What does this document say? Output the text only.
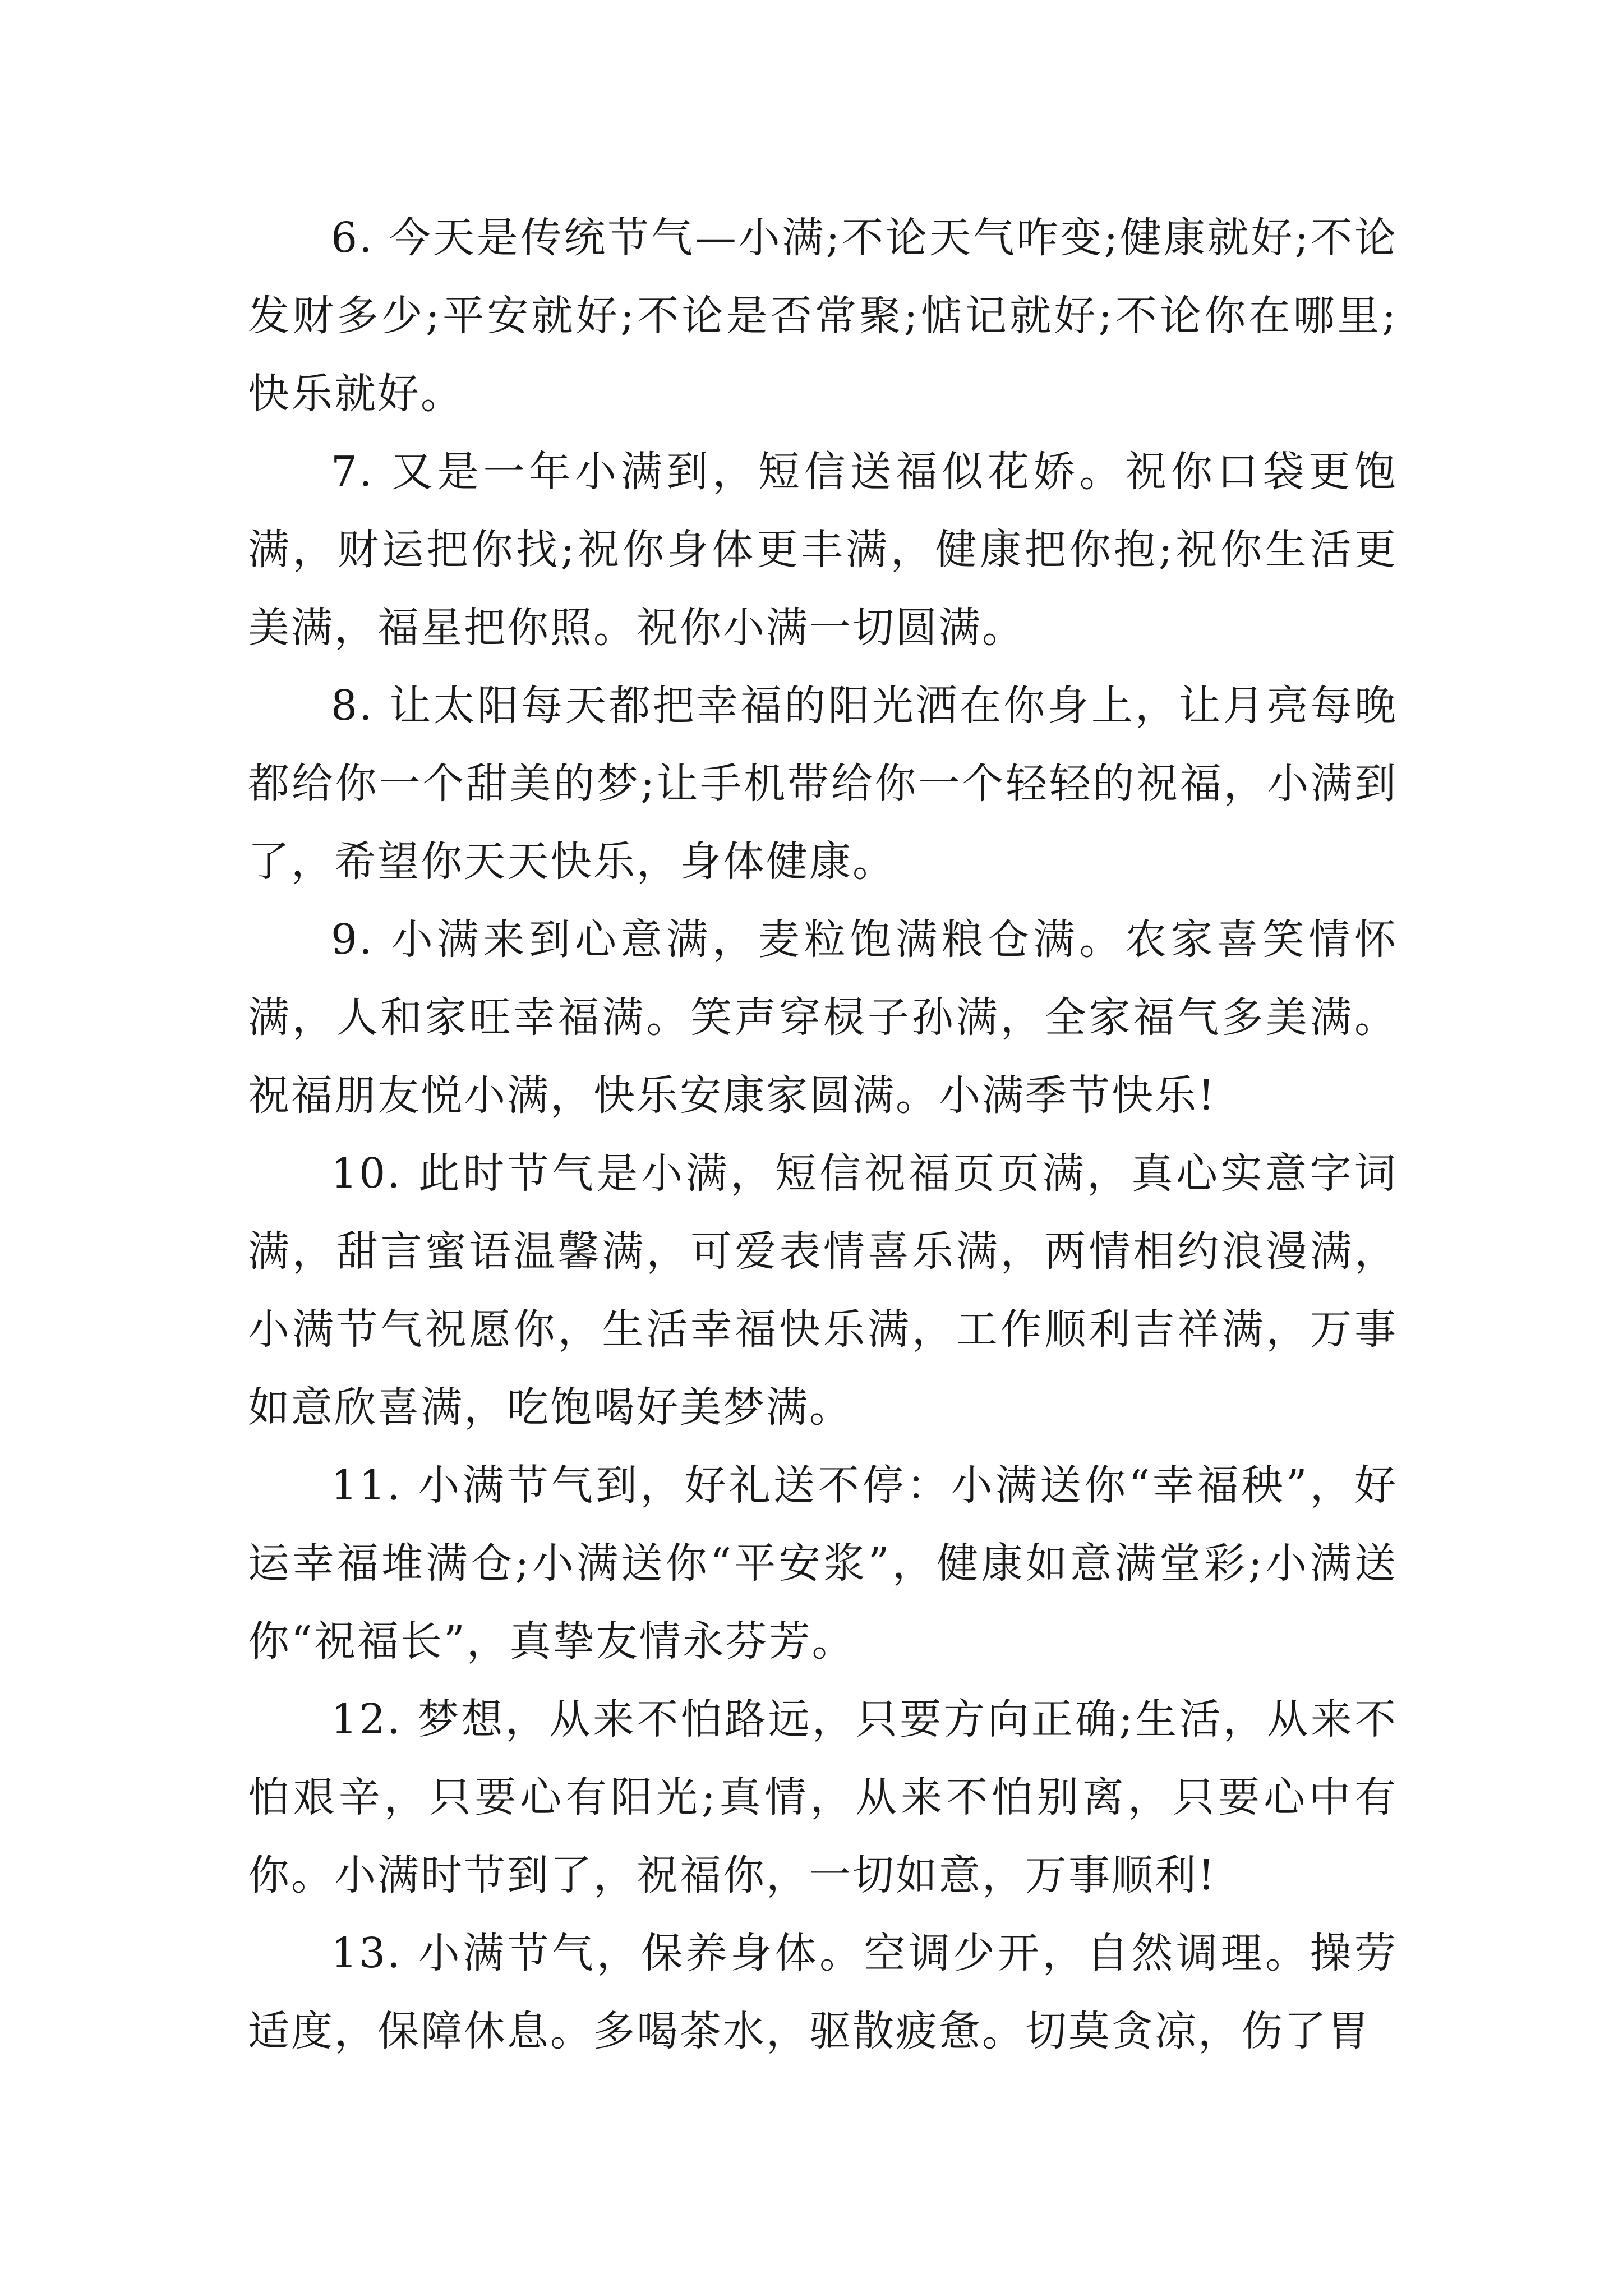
6. 今天是传统节气—小满;不论天气咋变;健康就好;不论发财多少;平安就好;不论是否常聚;惦记就好;不论你在哪里;快乐就好。

7. 又是一年小满到，短信送福似花娇。祝你口袋更饱满，财运把你找;祝你身体更丰满，健康把你抱;祝你生活更美满，福星把你照。祝你小满一切圆满。

8. 让太阳每天都把幸福的阳光洒在你身上，让月亮每晚都给你一个甜美的梦;让手机带给你一个轻轻的祝福，小满到了，希望你天天快乐，身体健康。

9. 小满来到心意满，麦粒饱满粮仓满。农家喜笑情怀满，人和家旺幸福满。笑声穿棂子孙满，全家福气多美满。祝福朋友悦小满，快乐安康家圆满。小满季节快乐!

10. 此时节气是小满，短信祝福页页满，真心实意字词满，甜言蜜语温馨满，可爱表情喜乐满，两情相约浪漫满，小满节气祝愿你，生活幸福快乐满，工作顺利吉祥满，万事如意欣喜满，吃饱喝好美梦满。

11. 小满节气到，好礼送不停：小满送你“幸福秧”，好运幸福堆满仓;小满送你“平安浆”，健康如意满堂彩;小满送你“祝福长”，真挚友情永芬芳。

12. 梦想，从来不怕路远，只要方向正确;生活，从来不怕艰辛，只要心有阳光;真情，从来不怕别离，只要心中有你。小满时节到了，祝福你，一切如意，万事顺利!

13. 小满节气，保养身体。空调少开，自然调理。操劳适度，保障休息。多喝茶水，驱散疲惫。切莫贪凉，伤了胃
